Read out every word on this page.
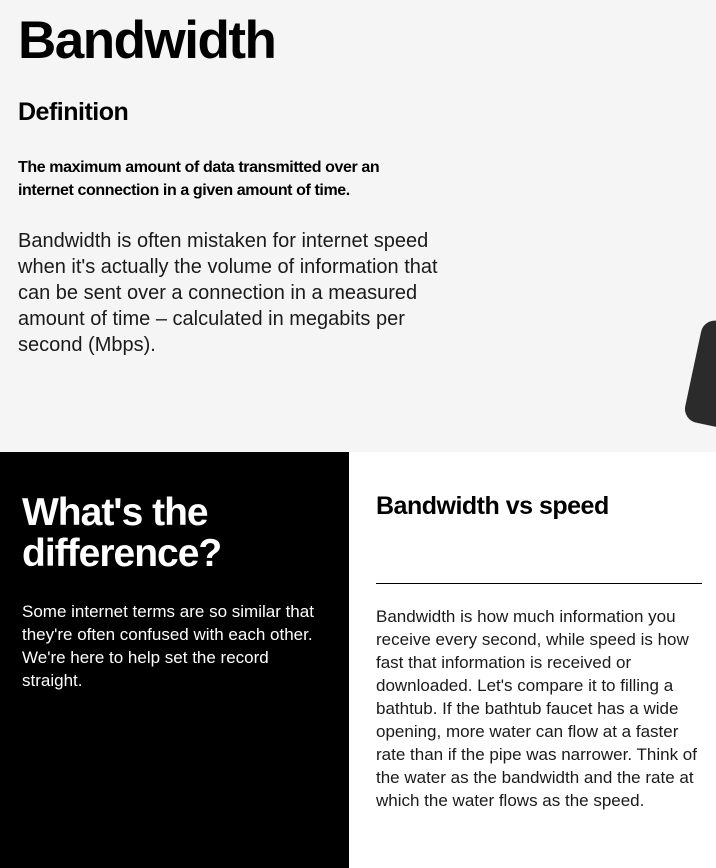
Bandwidth
Definition

The maximum amount of data transmitted over an internet connection in a given amount of time.

Bandwidth is often mistaken for internet speed when it's actually the volume of information that can be sent over a connection in a measured amount of time – calculated in megabits per second (Mbps).

What's the difference?

Some internet terms are so similar that they're often confused with each other. We're here to help set the record straight.

Bandwidth vs speed

Bandwidth is how much information you receive every second, while speed is how fast that information is received or downloaded. Let's compare it to filling a bathtub. If the bathtub faucet has a wide opening, more water can flow at a faster rate than if the pipe was narrower. Think of the water as the bandwidth and the rate at which the water flows as the speed.
